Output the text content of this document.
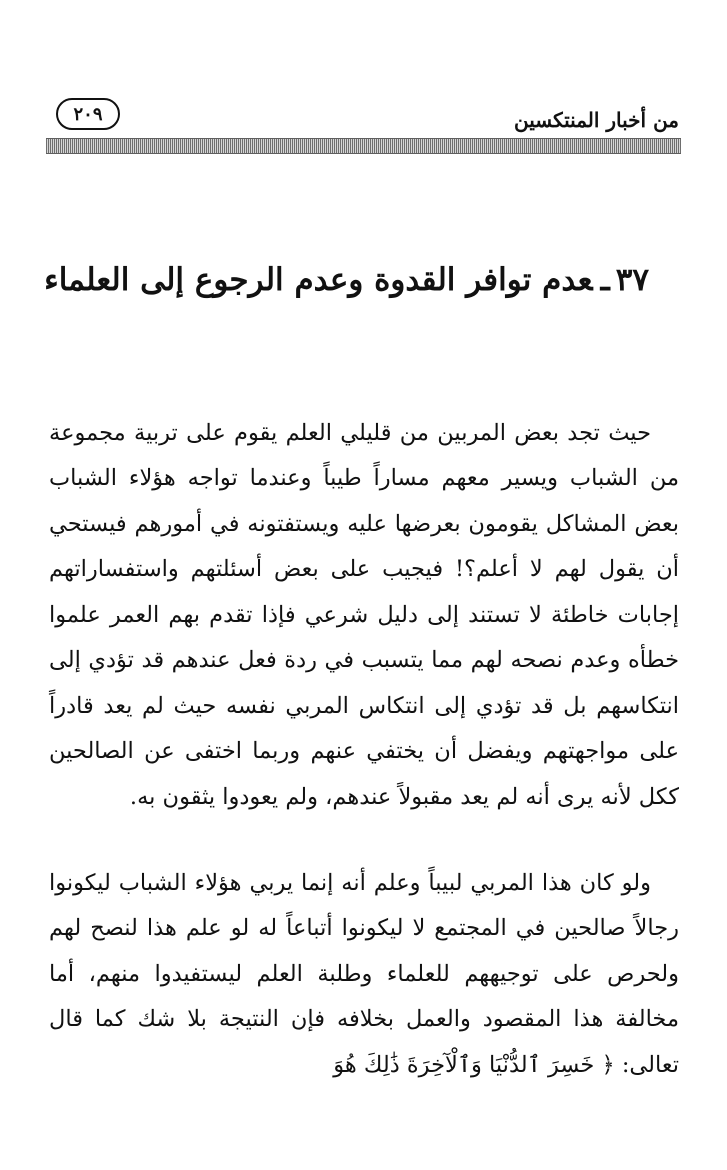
من أخبار المنتكسين
٢٠٩
٣٧ـعدم توافر القدوة وعدم الرجوع إلى العلماء

حيث تجد بعض المربين من قليلي العلم يقوم على تربية مجموعة من الشباب ويسير معهم مساراً طيباً وعندما تواجه هؤلاء الشباب بعض المشاكل يقومون بعرضها عليه ويستفتونه في أمورهم فيستحي أن يقول لهم لا أعلم؟! فيجيب على بعض أسئلتهم واستفساراتهم إجابات خاطئة لا تستند إلى دليل شرعي فإذا تقدم بهم العمر علموا خطأه وعدم نصحه لهم مما يتسبب في ردة فعل عندهم قد تؤدي إلى انتكاسهم بل قد تؤدي إلى انتكاس المربي نفسه حيث لم يعد قادراً على مواجهتهم ويفضل أن يختفي عنهم وربما اختفى عن الصالحين ككل لأنه يرى أنه لم يعد مقبولاً عندهم، ولم يعودوا يثقون به.

ولو كان هذا المربي لبيباً وعلم أنه إنما يربي هؤلاء الشباب ليكونوا رجالاً صالحين في المجتمع لا ليكونوا أتباعاً له لو علم هذا لنصح لهم ولحرص على توجيههم للعلماء وطلبة العلم ليستفيدوا منهم، أما مخالفة هذا المقصود والعمل بخلافه فإن النتيجة بلا شك كما قال تعالى: ﴿ خَسِرَ ٱلدُّنْيَا وَٱلْآخِرَةَ ذَٰلِكَ هُوَ
